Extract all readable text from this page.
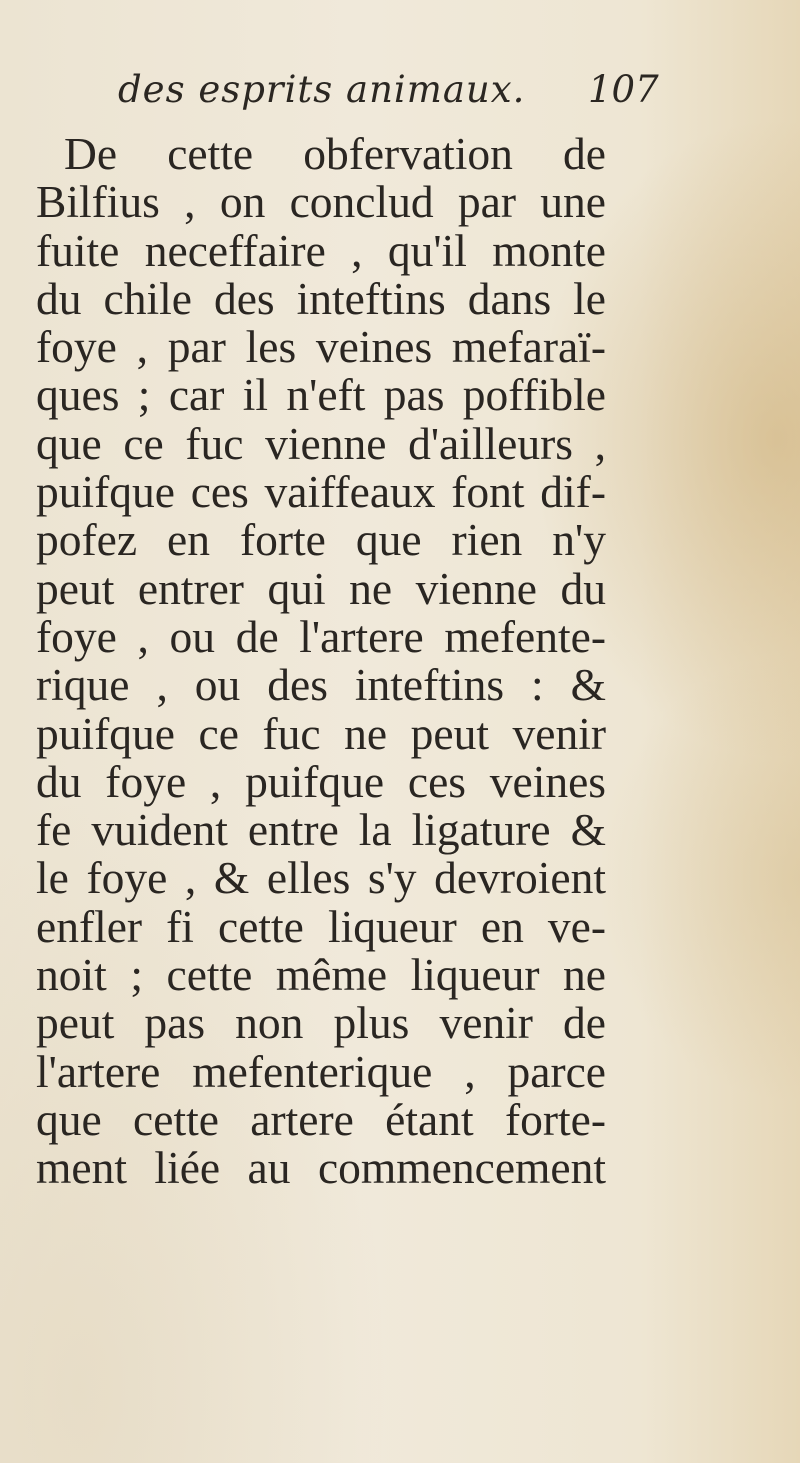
des esprits animaux. 107
De cette obfervation de
Bilfius , on conclud par une
fuite neceffaire , qu'il monte
du chile des inteftins dans le
foye , par les veines mefaraï-
ques ; car il n'eft pas poffible
que ce fuc vienne d'ailleurs ,
puifque ces vaiffeaux font dif-
pofez en forte que rien n'y
peut entrer qui ne vienne du
foye , ou de l'artere mefente-
rique , ou des inteftins : &
puifque ce fuc ne peut venir
du foye , puifque ces veines
fe vuident entre la ligature &
le foye , & elles s'y devroient
enfler fi cette liqueur en ve-
noit ; cette même liqueur ne
peut pas non plus venir de
l'artere mefenterique , parce
que cette artere étant forte-
ment liée au commencement
